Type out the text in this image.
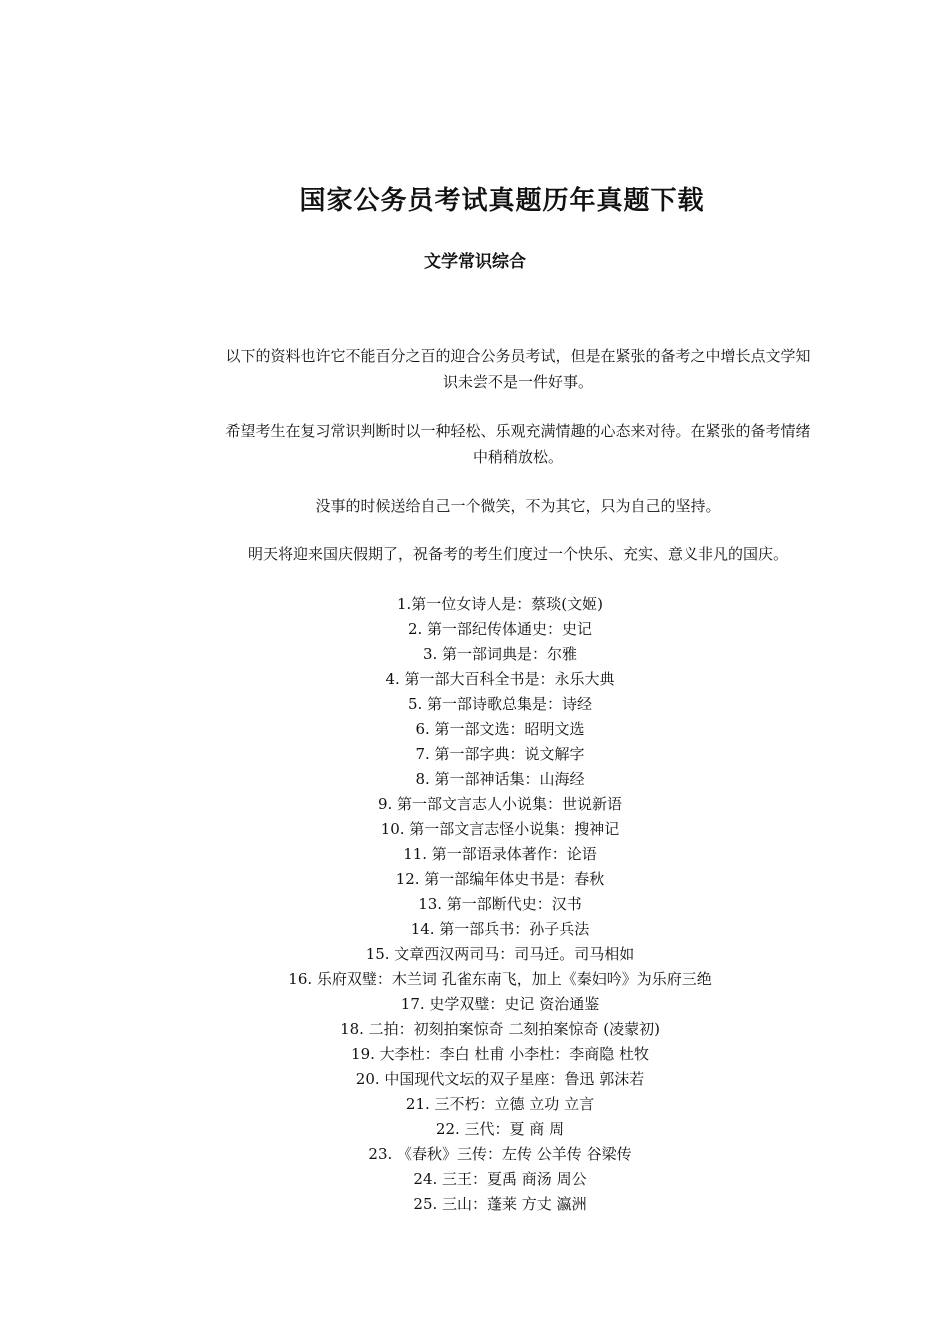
国家公务员考试真题历年真题下载
文学常识综合

以下的资料也许它不能百分之百的迎合公务员考试，但是在紧张的备考之中增长点文学知识未尝不是一件好事。

希望考生在复习常识判断时以一种轻松、乐观充满情趣的心态来对待。在紧张的备考情绪中稍稍放松。

没事的时候送给自己一个微笑，不为其它，只为自己的坚持。

明天将迎来国庆假期了，祝备考的考生们度过一个快乐、充实、意义非凡的国庆。

1.第一位女诗人是：蔡琰(文姬)
2. 第一部纪传体通史：史记
3. 第一部词典是：尔雅
4. 第一部大百科全书是：永乐大典
5. 第一部诗歌总集是：诗经
6. 第一部文选：昭明文选
7. 第一部字典：说文解字
8. 第一部神话集：山海经
9. 第一部文言志人小说集：世说新语
10. 第一部文言志怪小说集：搜神记
11. 第一部语录体著作：论语
12. 第一部编年体史书是：春秋
13. 第一部断代史：汉书
14. 第一部兵书：孙子兵法
15. 文章西汉两司马：司马迁。司马相如
16. 乐府双璧：木兰词 孔雀东南飞，加上《秦妇吟》为乐府三绝
17. 史学双璧：史记 资治通鉴
18. 二拍：初刻拍案惊奇 二刻拍案惊奇 (凌蒙初)
19. 大李杜：李白 杜甫 小李杜：李商隐 杜牧
20. 中国现代文坛的双子星座：鲁迅 郭沫若
21. 三不朽：立德 立功 立言
22. 三代：夏 商 周
23. 《春秋》三传：左传 公羊传 谷梁传
24. 三王：夏禹 商汤 周公
25. 三山：蓬莱 方丈 瀛洲
